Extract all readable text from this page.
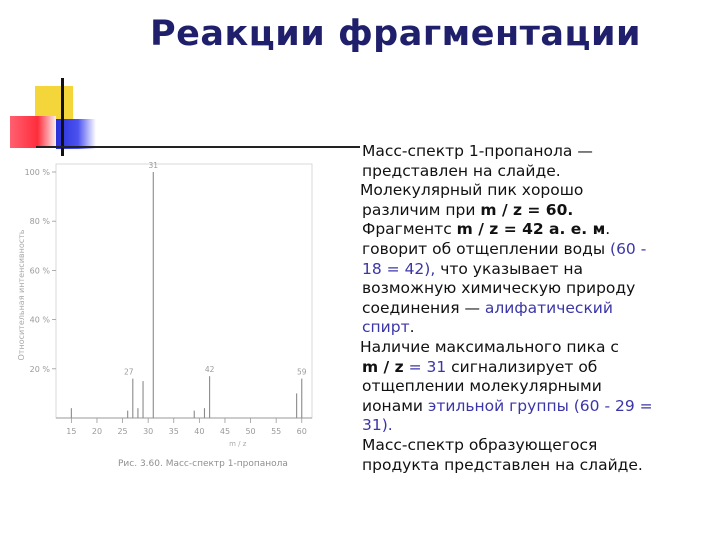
Реакции фрагментации
100 %
80 %
60 %
40 %
20 %
15 20 25 30 35 40 45 50 55 60
m / z
Относительная интенсивность
31
27	42	59
Рис. 3.60. Масс-спектр 1-пропанола
Масс-спектр 1-пропанола —
представлен на слайде.
Молекулярный пик хорошо
различим при m / z = 60.
Фрагментс m / z = 42 а. е. м.
говорит об отщеплении воды (60 -
18 = 42), что указывает на
возможную химическую природу
соединения — алифатический
спирт.
Наличие максимального пика с
m / z = 31 сигнализирует об
отщеплении молекулярными
ионами этильной группы (60 - 29 =
31).
Масс-спектр образующегося
продукта представлен на слайде.
